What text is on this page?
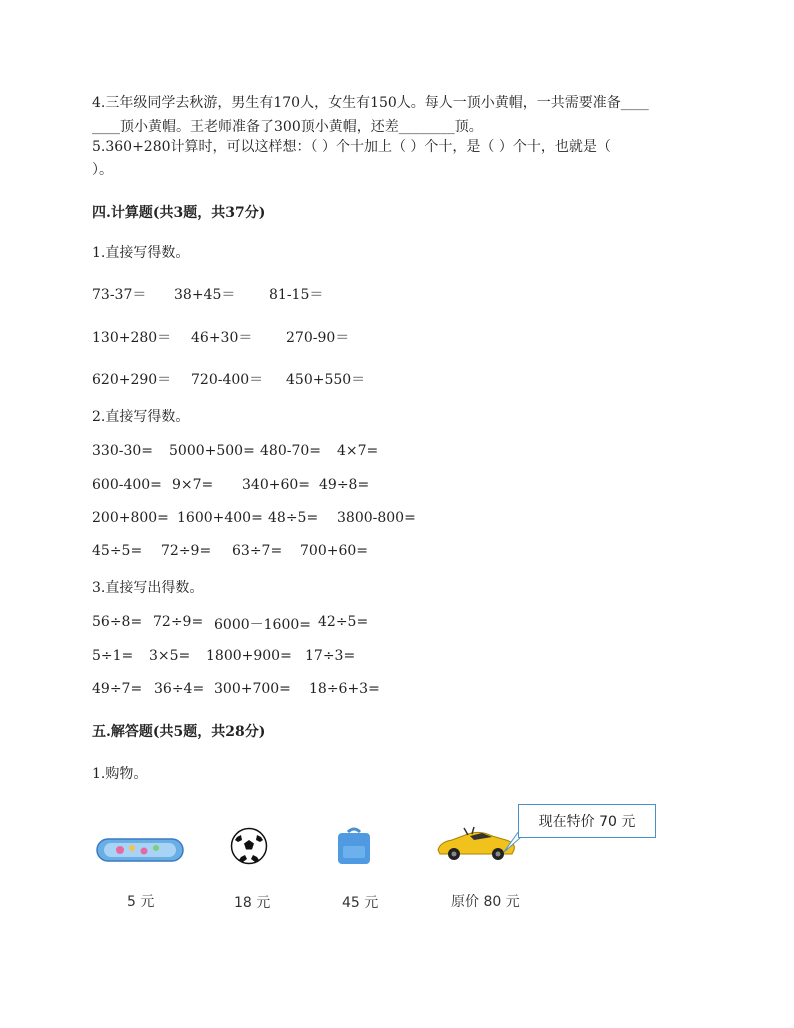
4.三年级同学去秋游，男生有170人，女生有150人。每人一顶小黄帽，一共需要准备____
____顶小黄帽。王老师准备了300顶小黄帽，还差________顶。
5.360+280计算时，可以这样想：（ ）个十加上（ ）个十，是（ ）个十，也就是（
）。
四.计算题(共3题，共37分)
1.直接写得数。
73-37＝ 38+45＝ 81-15＝
130+280＝ 46+30＝ 270-90＝
620+290＝ 720-400＝ 450+550＝
2.直接写得数。
330-30= 5000+500= 480-70= 4×7=
600-400= 9×7= 340+60= 49÷8=
200+800= 1600+400= 48÷5= 3800-800=
45÷5= 72÷9= 63÷7= 700+60=
3.直接写出得数。
56÷8= 72÷9= 6000－1600= 42÷5=
5÷1= 3×5= 1800+900= 17÷3=
49÷7= 36÷4= 300+700= 18÷6+3=
五.解答题(共5题，共28分)
1.购物。
5 元	18 元	45 元	原价 80 元
现在特价 70 元
